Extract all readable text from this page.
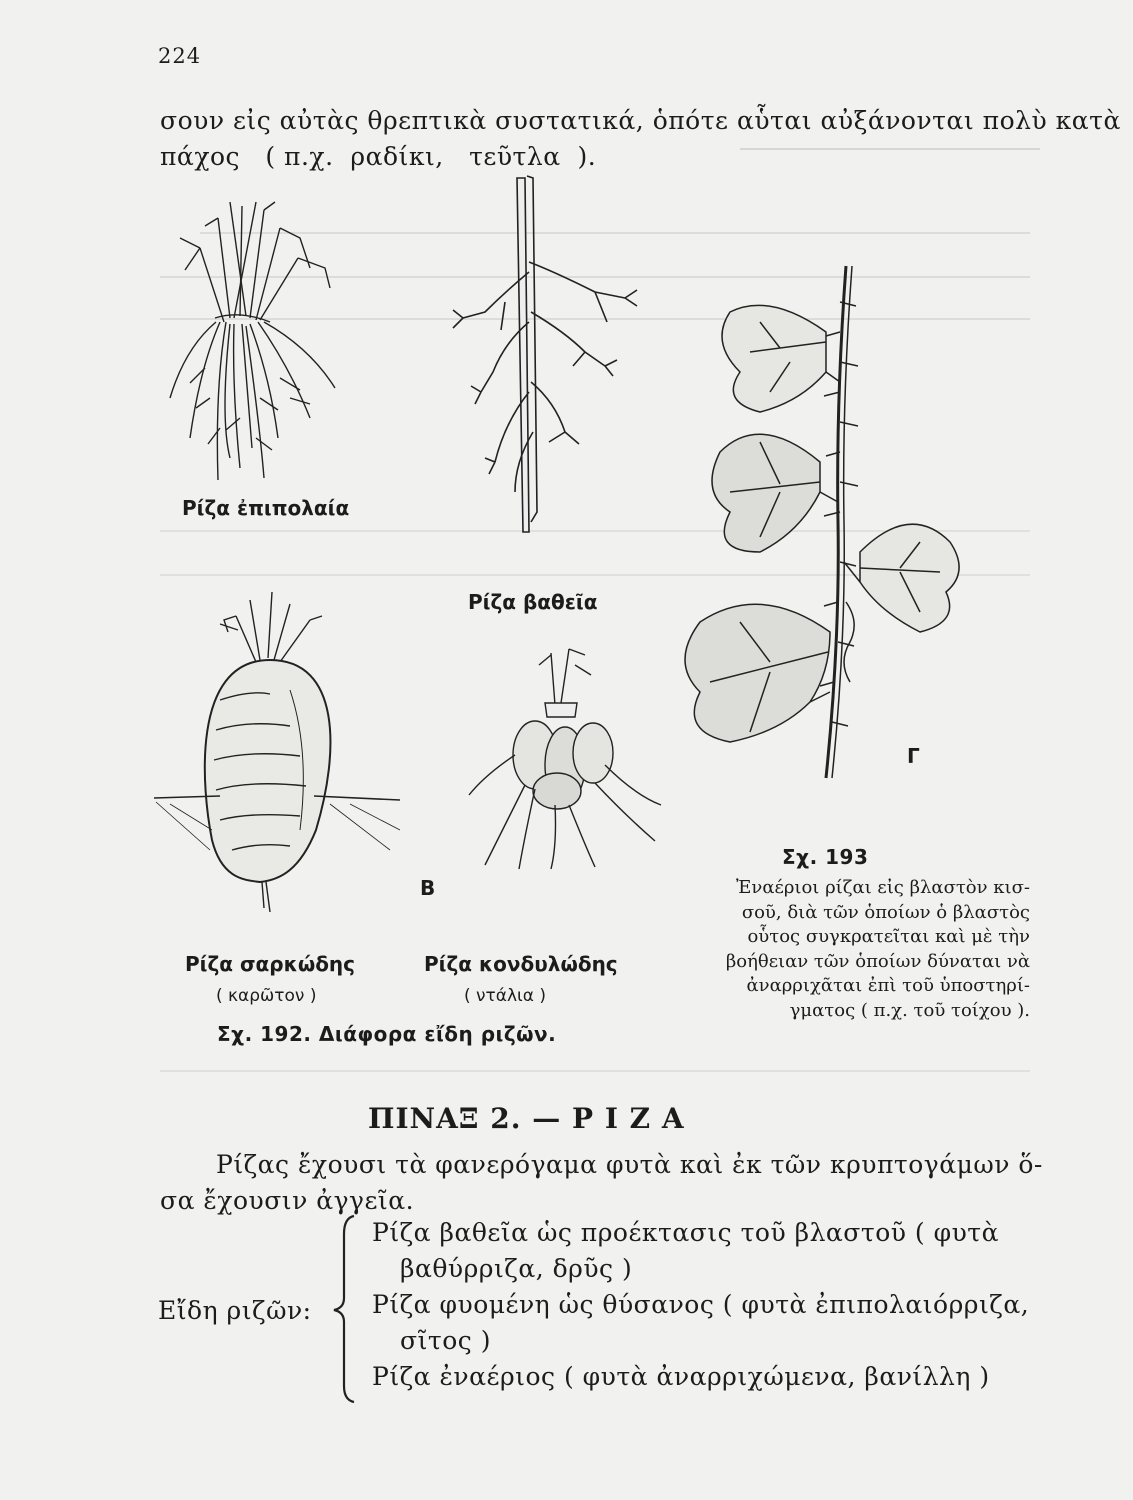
224
σουν εἰς αὐτὰς θρεπτικὰ συστατικά, ὁπότε αὗται αὐξάνονται πολὺ κατὰ
πάχος   ( π.χ.  ραδίκι,   τεῦτλα  ).
Ρίζα ἐπιπολαία
Ρίζα βαθεῖα
Ρίζα σαρκώδης
( καρῶτον )
B
Ρίζα κονδυλώδης
( ντάλια )
Σχ. 192. Διάφορα εἴδη ριζῶν.
Γ
Σχ. 193
Ἐναέριοι ρίζαι εἰς βλαστὸν κισ-
σοῦ, διὰ τῶν ὁποίων ὁ βλαστὸς
οὗτος συγκρατεῖται καὶ μὲ τὴν
βοήθειαν τῶν ὁποίων δύναται νὰ
ἀναρριχᾶται ἐπὶ τοῦ ὑποστηρί-
γματος ( π.χ. τοῦ τοίχου ).
ΠΙΝΑΞ 2. — Ρ Ι Ζ Α
Ρίζας ἔχουσι τὰ φανερόγαμα φυτὰ καὶ ἐκ τῶν κρυπτογάμων ὅ-
σα ἔχουσιν ἀγγεῖα.
Εἴδη ριζῶν:
Ρίζα βαθεῖα ὡς προέκτασις τοῦ βλαστοῦ ( φυτὰ
βαθύρριζα, δρῦς )
Ρίζα φυομένη ὡς θύσανος ( φυτὰ ἐπιπολαιόρριζα,
σῖτος )
Ρίζα ἐναέριος ( φυτὰ ἀναρριχώμενα, βανίλλη )
